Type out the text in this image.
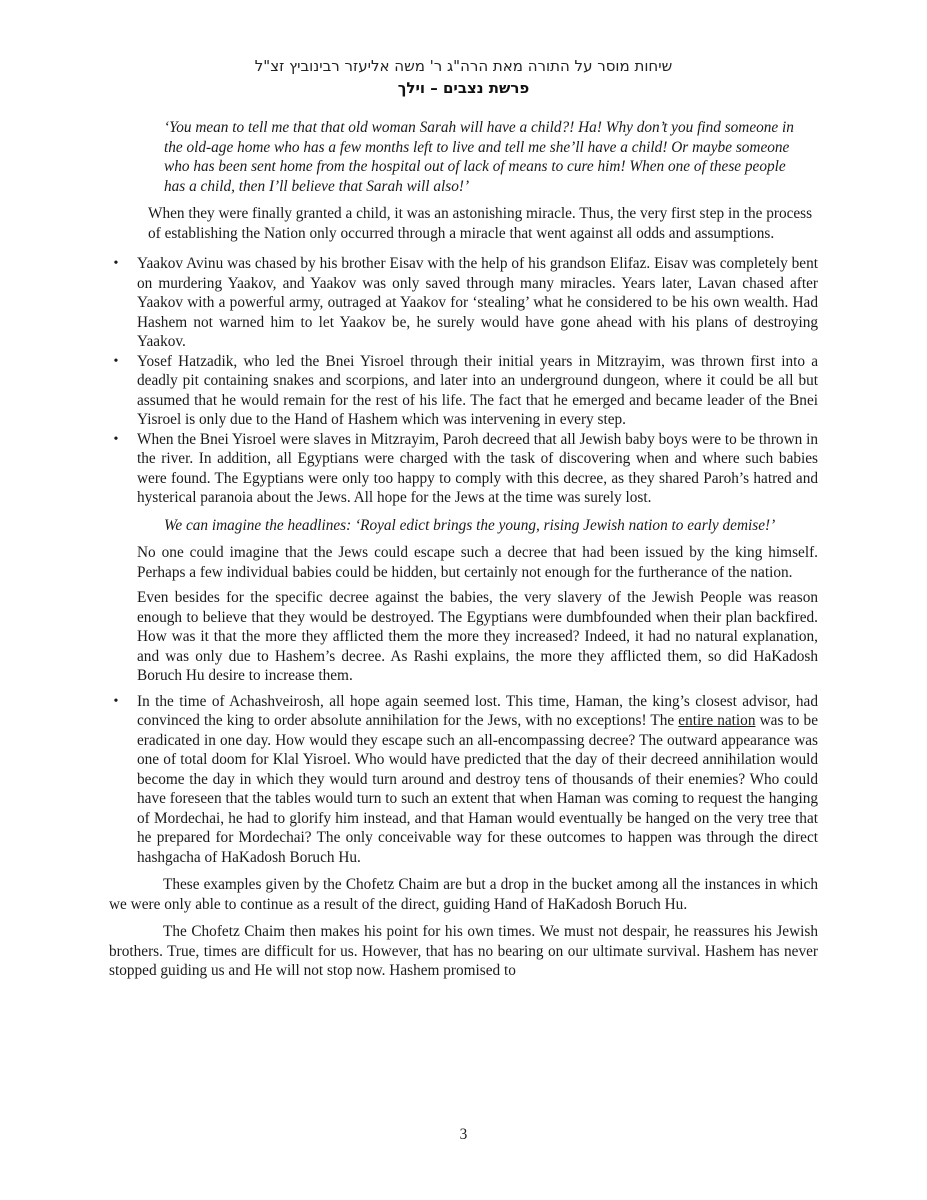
שיחות מוסר על התורה מאת הרה"ג ר' משה אליעזר רבינוביץ זצ"ל
פרשת נצבים – וילך
‘You mean to tell me that that old woman Sarah will have a child?! Ha! Why don’t you find someone in the old-age home who has a few months left to live and tell me she’ll have a child! Or maybe someone who has been sent home from the hospital out of lack of means to cure him! When one of these people has a child, then I’ll believe that Sarah will also!’
When they were finally granted a child, it was an astonishing miracle. Thus, the very first step in the process of establishing the Nation only occurred through a miracle that went against all odds and assumptions.
• Yaakov Avinu was chased by his brother Eisav with the help of his grandson Elifaz. Eisav was completely bent on murdering Yaakov, and Yaakov was only saved through many miracles. Years later, Lavan chased after Yaakov with a powerful army, outraged at Yaakov for ‘stealing’ what he considered to be his own wealth. Had Hashem not warned him to let Yaakov be, he surely would have gone ahead with his plans of destroying Yaakov.
• Yosef Hatzadik, who led the Bnei Yisroel through their initial years in Mitzrayim, was thrown first into a deadly pit containing snakes and scorpions, and later into an underground dungeon, where it could be all but assumed that he would remain for the rest of his life. The fact that he emerged and became leader of the Bnei Yisroel is only due to the Hand of Hashem which was intervening in every step.
• When the Bnei Yisroel were slaves in Mitzrayim, Paroh decreed that all Jewish baby boys were to be thrown in the river. In addition, all Egyptians were charged with the task of discovering when and where such babies were found. The Egyptians were only too happy to comply with this decree, as they shared Paroh’s hatred and hysterical paranoia about the Jews. All hope for the Jews at the time was surely lost.
We can imagine the headlines: ‘Royal edict brings the young, rising Jewish nation to early demise!’
No one could imagine that the Jews could escape such a decree that had been issued by the king himself. Perhaps a few individual babies could be hidden, but certainly not enough for the furtherance of the nation.
Even besides for the specific decree against the babies, the very slavery of the Jewish People was reason enough to believe that they would be destroyed. The Egyptians were dumbfounded when their plan backfired. How was it that the more they afflicted them the more they increased? Indeed, it had no natural explanation, and was only due to Hashem’s decree. As Rashi explains, the more they afflicted them, so did HaKadosh Boruch Hu desire to increase them.
• In the time of Achashveirosh, all hope again seemed lost. This time, Haman, the king’s closest advisor, had convinced the king to order absolute annihilation for the Jews, with no exceptions! The entire nation was to be eradicated in one day. How would they escape such an all-encompassing decree? The outward appearance was one of total doom for Klal Yisroel. Who would have predicted that the day of their decreed annihilation would become the day in which they would turn around and destroy tens of thousands of their enemies? Who could have foreseen that the tables would turn to such an extent that when Haman was coming to request the hanging of Mordechai, he had to glorify him instead, and that Haman would eventually be hanged on the very tree that he prepared for Mordechai? The only conceivable way for these outcomes to happen was through the direct hashgacha of HaKadosh Boruch Hu.
These examples given by the Chofetz Chaim are but a drop in the bucket among all the instances in which we were only able to continue as a result of the direct, guiding Hand of HaKadosh Boruch Hu.
The Chofetz Chaim then makes his point for his own times. We must not despair, he reassures his Jewish brothers. True, times are difficult for us. However, that has no bearing on our ultimate survival. Hashem has never stopped guiding us and He will not stop now. Hashem promised to
3
